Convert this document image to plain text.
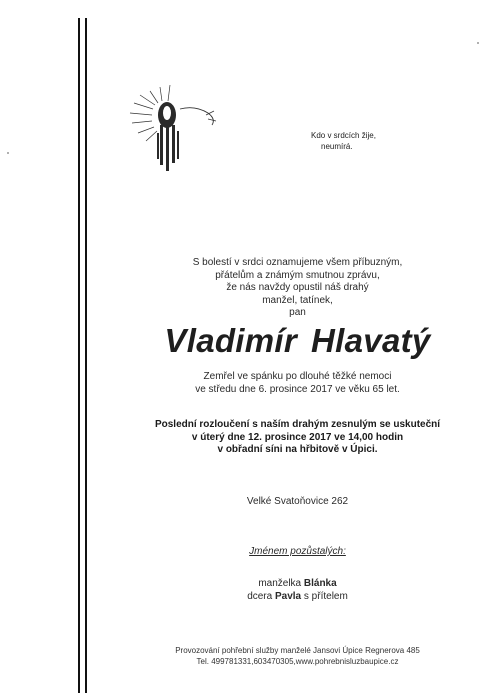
Kdo v srdcích žije,
neumírá.
S bolestí v srdci oznamujeme všem příbuzným,
přátelům a známým smutnou zprávu,
že nás navždy opustil náš drahý
manžel, tatínek,
pan
Vladimír Hlavatý
Zemřel ve spánku po dlouhé těžké nemoci
ve středu dne 6. prosince 2017 ve věku 65 let.
Poslední rozloučení s naším drahým zesnulým se uskuteční
v úterý dne 12. prosince 2017 ve 14,00 hodin
v obřadní síni na hřbitově v Úpici.
Velké Svatoňovice 262
Jménem pozůstalých:
manželka Blánka
dcera Pavla s přítelem
Provozování pohřební služby manželé Jansovi Úpice Regnerova 485
Tel. 499781331,603470305,www.pohrebnisluzbaupice.cz
